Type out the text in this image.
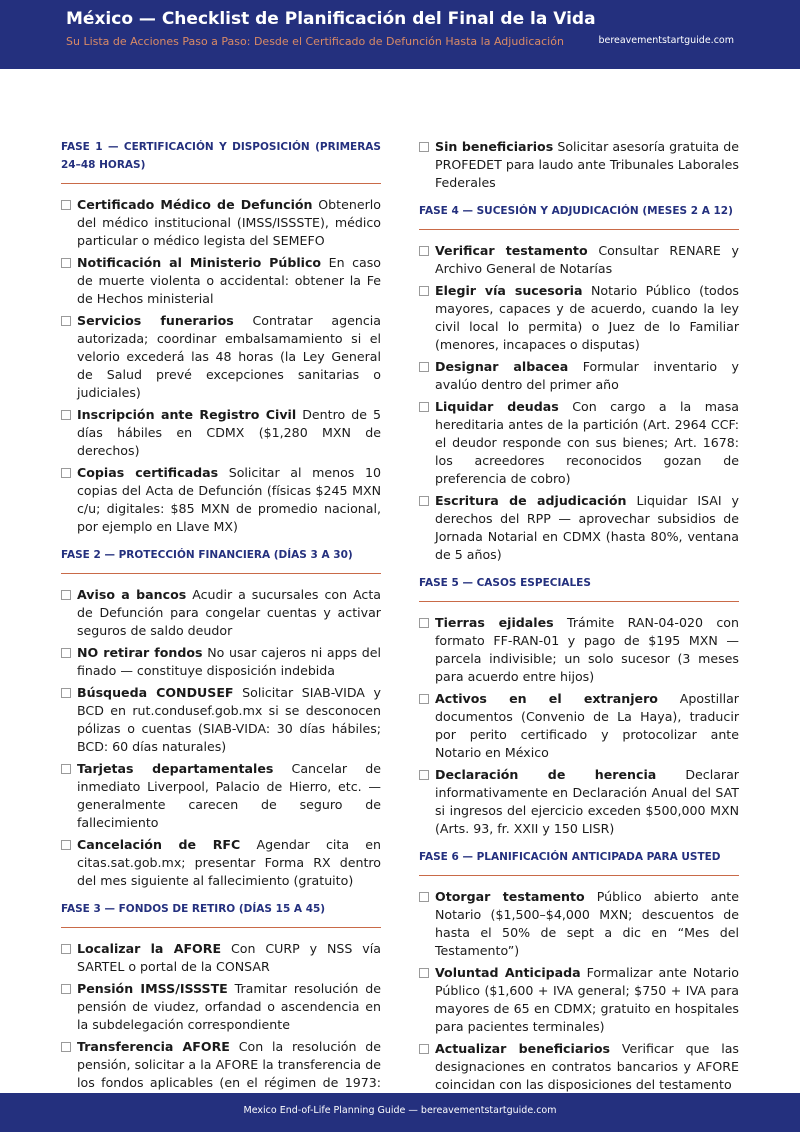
México — Checklist de Planificación del Final de la Vida
Su Lista de Acciones Paso a Paso: Desde el Certificado de Defunción Hasta la Adjudicación	bereavementstartguide.com
FASE 1 — CERTIFICACIÓN Y DISPOSICIÓN (PRIMERAS 24–48 HORAS)
Certificado Médico de Defunción Obtenerlo del médico institucional (IMSS/ISSSTE), médico particular o médico legista del SEMEFO
Notificación al Ministerio Público En caso de muerte violenta o accidental: obtener la Fe de Hechos ministerial
Servicios funerarios Contratar agencia autorizada; coordinar embalsamamiento si el velorio excederá las 48 horas (la Ley General de Salud prevé excepciones sanitarias o judiciales)
Inscripción ante Registro Civil Dentro de 5 días hábiles en CDMX ($1,280 MXN de derechos)
Copias certificadas Solicitar al menos 10 copias del Acta de Defunción (físicas $245 MXN c/u; digitales: $85 MXN de promedio nacional, por ejemplo en Llave MX)
FASE 2 — PROTECCIÓN FINANCIERA (DÍAS 3 A 30)
Aviso a bancos Acudir a sucursales con Acta de Defunción para congelar cuentas y activar seguros de saldo deudor
NO retirar fondos No usar cajeros ni apps del finado — constituye disposición indebida
Búsqueda CONDUSEF Solicitar SIAB-VIDA y BCD en rut.condusef.gob.mx si se desconocen pólizas o cuentas (SIAB-VIDA: 30 días hábiles; BCD: 60 días naturales)
Tarjetas departamentales Cancelar de inmediato Liverpool, Palacio de Hierro, etc. — generalmente carecen de seguro de fallecimiento
Cancelación de RFC Agendar cita en citas.sat.gob.mx; presentar Forma RX dentro del mes siguiente al fallecimiento (gratuito)
FASE 3 — FONDOS DE RETIRO (DÍAS 15 A 45)
Localizar la AFORE Con CURP y NSS vía SARTEL o portal de la CONSAR
Pensión IMSS/ISSSTE Tramitar resolución de pensión de viudez, orfandad o ascendencia en la subdelegación correspondiente
Transferencia AFORE Con la resolución de pensión, solicitar a la AFORE la transferencia de los fondos aplicables (en el régimen de 1973:
Sin beneficiarios Solicitar asesoría gratuita de PROFEDET para laudo ante Tribunales Laborales Federales
FASE 4 — SUCESIÓN Y ADJUDICACIÓN (MESES 2 A 12)
Verificar testamento Consultar RENARE y Archivo General de Notarías
Elegir vía sucesoria Notario Público (todos mayores, capaces y de acuerdo, cuando la ley civil local lo permita) o Juez de lo Familiar (menores, incapaces o disputas)
Designar albacea Formular inventario y avalúo dentro del primer año
Liquidar deudas Con cargo a la masa hereditaria antes de la partición (Art. 2964 CCF: el deudor responde con sus bienes; Art. 1678: los acreedores reconocidos gozan de preferencia de cobro)
Escritura de adjudicación Liquidar ISAI y derechos del RPP — aprovechar subsidios de Jornada Notarial en CDMX (hasta 80%, ventana de 5 años)
FASE 5 — CASOS ESPECIALES
Tierras ejidales Trámite RAN-04-020 con formato FF-RAN-01 y pago de $195 MXN — parcela indivisible; un solo sucesor (3 meses para acuerdo entre hijos)
Activos en el extranjero Apostillar documentos (Convenio de La Haya), traducir por perito certificado y protocolizar ante Notario en México
Declaración de herencia Declarar informativamente en Declaración Anual del SAT si ingresos del ejercicio exceden $500,000 MXN (Arts. 93, fr. XXII y 150 LISR)
FASE 6 — PLANIFICACIÓN ANTICIPADA PARA USTED
Otorgar testamento Público abierto ante Notario ($1,500–$4,000 MXN; descuentos de hasta el 50% de sept a dic en “Mes del Testamento”)
Voluntad Anticipada Formalizar ante Notario Público ($1,600 + IVA general; $750 + IVA para mayores de 65 en CDMX; gratuito en hospitales para pacientes terminales)
Actualizar beneficiarios Verificar que las designaciones en contratos bancarios y AFORE coincidan con las disposiciones del testamento
Mexico End-of-Life Planning Guide — bereavementstartguide.com
